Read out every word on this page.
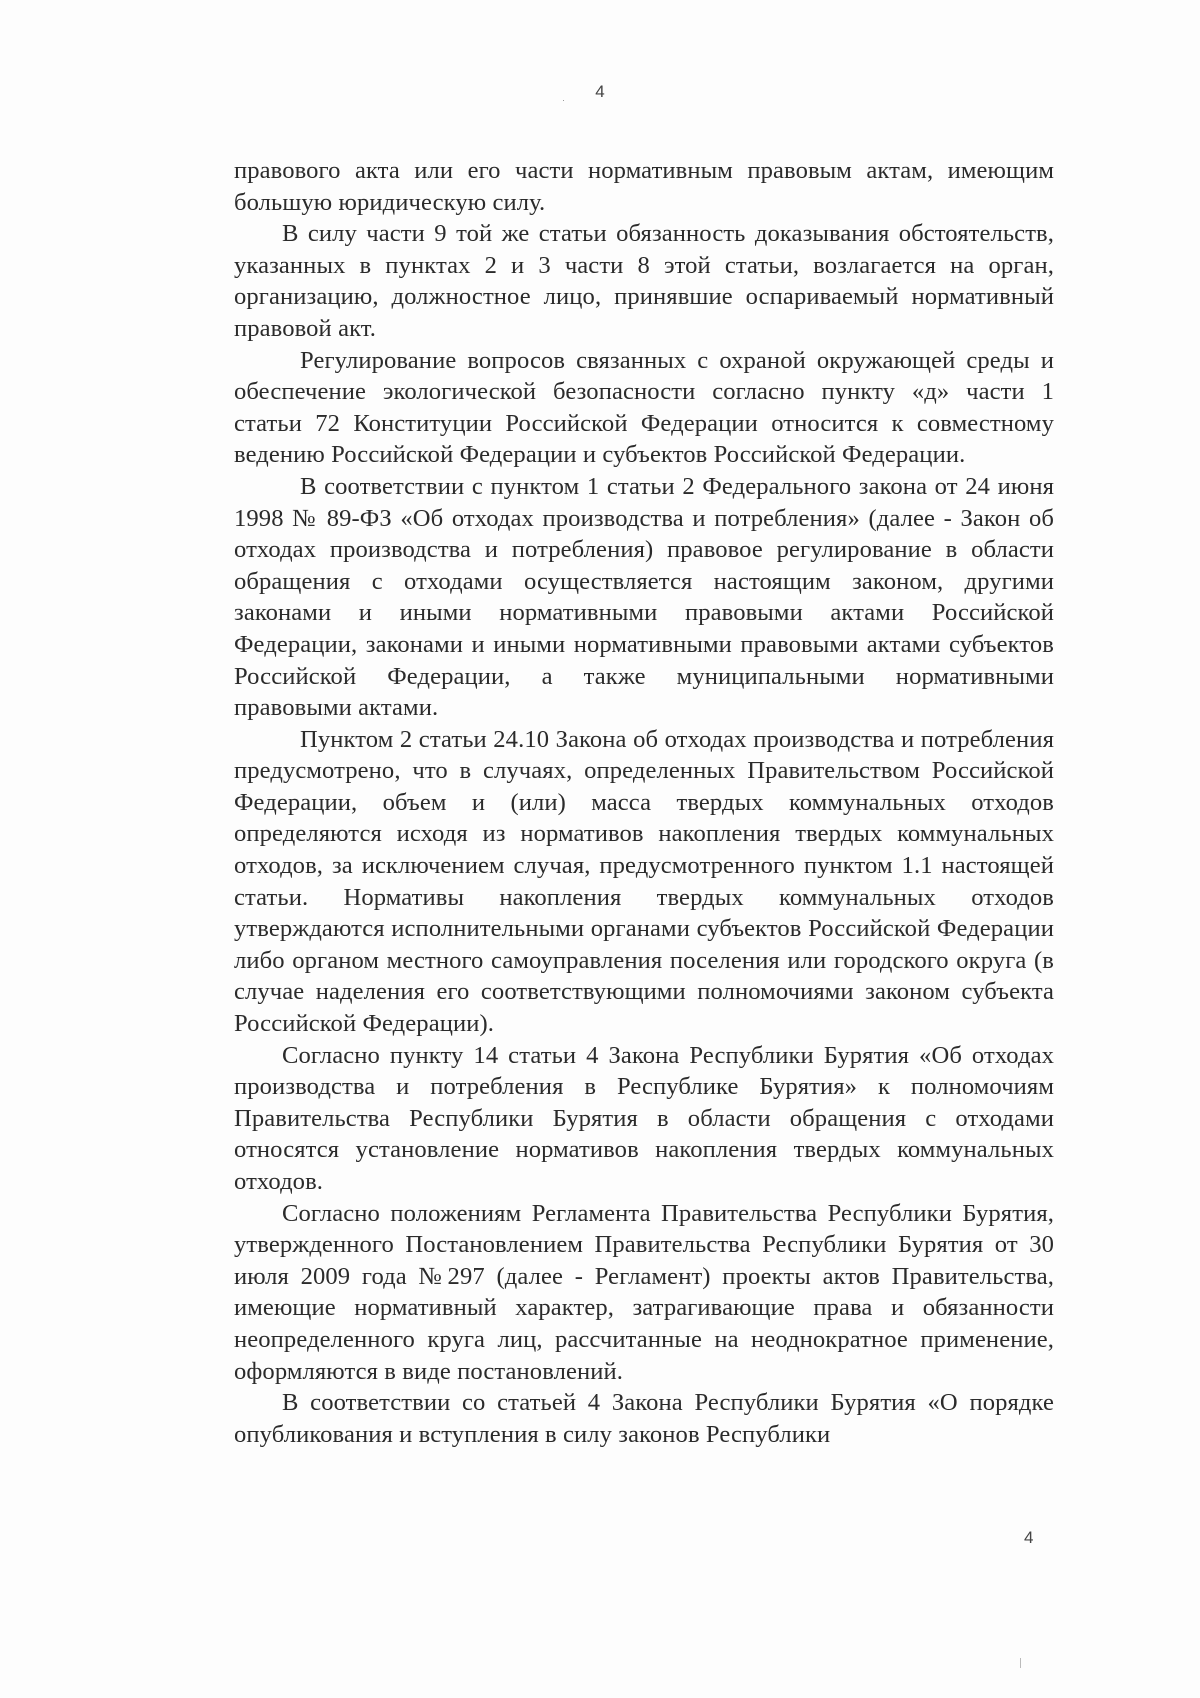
4

правового акта или его части нормативным правовым актам, имеющим большую юридическую силу.

В силу части 9 той же статьи обязанность доказывания обстоятельств, указанных в пунктах 2 и 3 части 8 этой статьи, возлагается на орган, организацию, должностное лицо, принявшие оспариваемый нормативный правовой акт.

Регулирование вопросов связанных с охраной окружающей среды и обеспечение экологической безопасности согласно пункту «д» части 1 статьи 72 Конституции Российской Федерации относится к совместному ведению Российской Федерации и субъектов Российской Федерации.

В соответствии с пунктом 1 статьи 2 Федерального закона от 24 июня 1998 № 89-ФЗ «Об отходах производства и потребления» (далее - Закон об отходах производства и потребления) правовое регулирование в области обращения с отходами осуществляется настоящим законом, другими законами и иными нормативными правовыми актами Российской Федерации, законами и иными нормативными правовыми актами субъектов Российской Федерации, а также муниципальными нормативными правовыми актами.

Пунктом 2 статьи 24.10 Закона об отходах производства и потребления предусмотрено, что в случаях, определенных Правительством Российской Федерации, объем и (или) масса твердых коммунальных отходов определяются исходя из нормативов накопления твердых коммунальных отходов, за исключением случая, предусмотренного пунктом 1.1 настоящей статьи. Нормативы накопления твердых коммунальных отходов утверждаются исполнительными органами субъектов Российской Федерации либо органом местного самоуправления поселения или городского округа (в случае наделения его соответствующими полномочиями законом субъекта Российской Федерации).

Согласно пункту 14 статьи 4 Закона Республики Бурятия «Об отходах производства и потребления в Республике Бурятия» к полномочиям Правительства Республики Бурятия в области обращения с отходами относятся установление нормативов накопления твердых коммунальных отходов.

Согласно положениям Регламента Правительства Республики Бурятия, утвержденного Постановлением Правительства Республики Бурятия от 30 июля 2009 года №297 (далее - Регламент) проекты актов Правительства, имеющие нормативный характер, затрагивающие права и обязанности неопределенного круга лиц, рассчитанные на неоднократное применение, оформляются в виде постановлений.

В соответствии со статьей 4 Закона Республики Бурятия «О порядке опубликования и вступления в силу законов Республики

4
